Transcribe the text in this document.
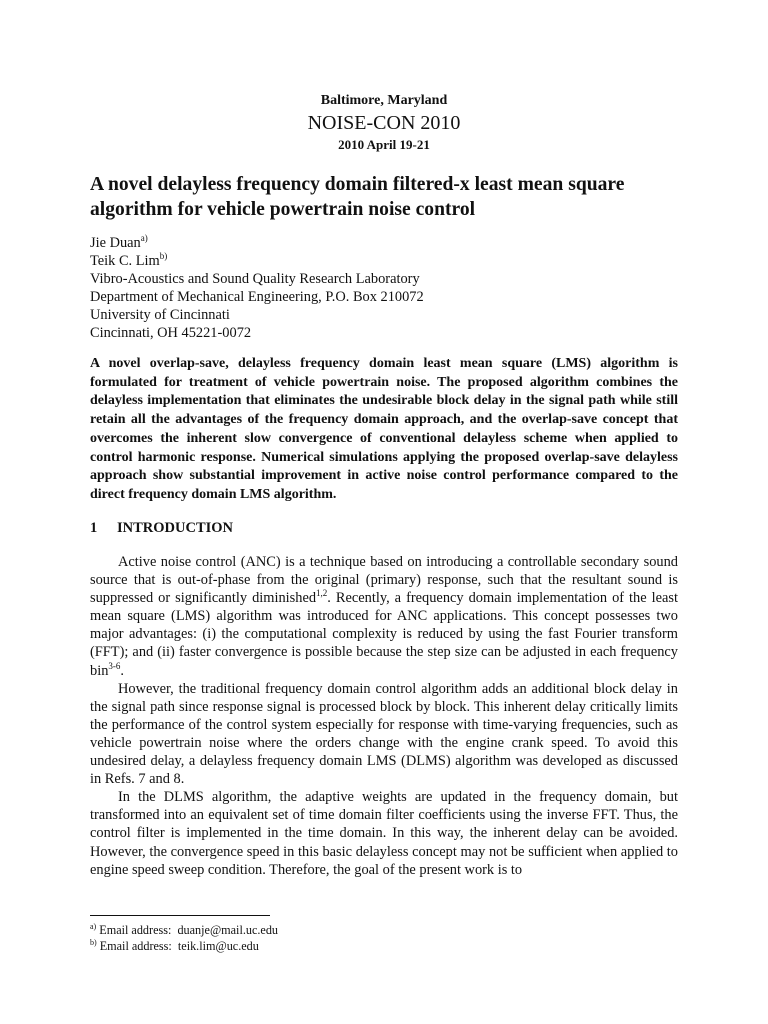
Baltimore, Maryland
NOISE-CON 2010
2010 April 19-21
A novel delayless frequency domain filtered-x least mean square algorithm for vehicle powertrain noise control
Jie Duan$^{a)}$
Teik C. Lim$^{b)}$
Vibro-Acoustics and Sound Quality Research Laboratory
Department of Mechanical Engineering, P.O. Box 210072
University of Cincinnati
Cincinnati, OH 45221-0072

A novel overlap-save, delayless frequency domain least mean square (LMS) algorithm is formulated for treatment of vehicle powertrain noise. The proposed algorithm combines the delayless implementation that eliminates the undesirable block delay in the signal path while still retain all the advantages of the frequency domain approach, and the overlap-save concept that overcomes the inherent slow convergence of conventional delayless scheme when applied to control harmonic response. Numerical simulations applying the proposed overlap-save delayless approach show substantial improvement in active noise control performance compared to the direct frequency domain LMS algorithm.

1 INTRODUCTION

Active noise control (ANC) is a technique based on introducing a controllable secondary sound source that is out-of-phase from the original (primary) response, such that the resultant sound is suppressed or significantly diminished$^{1,2}$. Recently, a frequency domain implementation of the least mean square (LMS) algorithm was introduced for ANC applications. This concept possesses two major advantages: (i) the computational complexity is reduced by using the fast Fourier transform (FFT); and (ii) faster convergence is possible because the step size can be adjusted in each frequency bin$^{3-6}$.

However, the traditional frequency domain control algorithm adds an additional block delay in the signal path since response signal is processed block by block. This inherent delay critically limits the performance of the control system especially for response with time-varying frequencies, such as vehicle powertrain noise where the orders change with the engine crank speed. To avoid this undesired delay, a delayless frequency domain LMS (DLMS) algorithm was developed as discussed in Refs. 7 and 8.

In the DLMS algorithm, the adaptive weights are updated in the frequency domain, but transformed into an equivalent set of time domain filter coefficients using the inverse FFT. Thus, the control filter is implemented in the time domain. In this way, the inherent delay can be avoided. However, the convergence speed in this basic delayless concept may not be sufficient when applied to engine speed sweep condition. Therefore, the goal of the present work is to

$^{a)}$ Email address: duanje@mail.uc.edu
$^{b)}$ Email address: teik.lim@uc.edu
